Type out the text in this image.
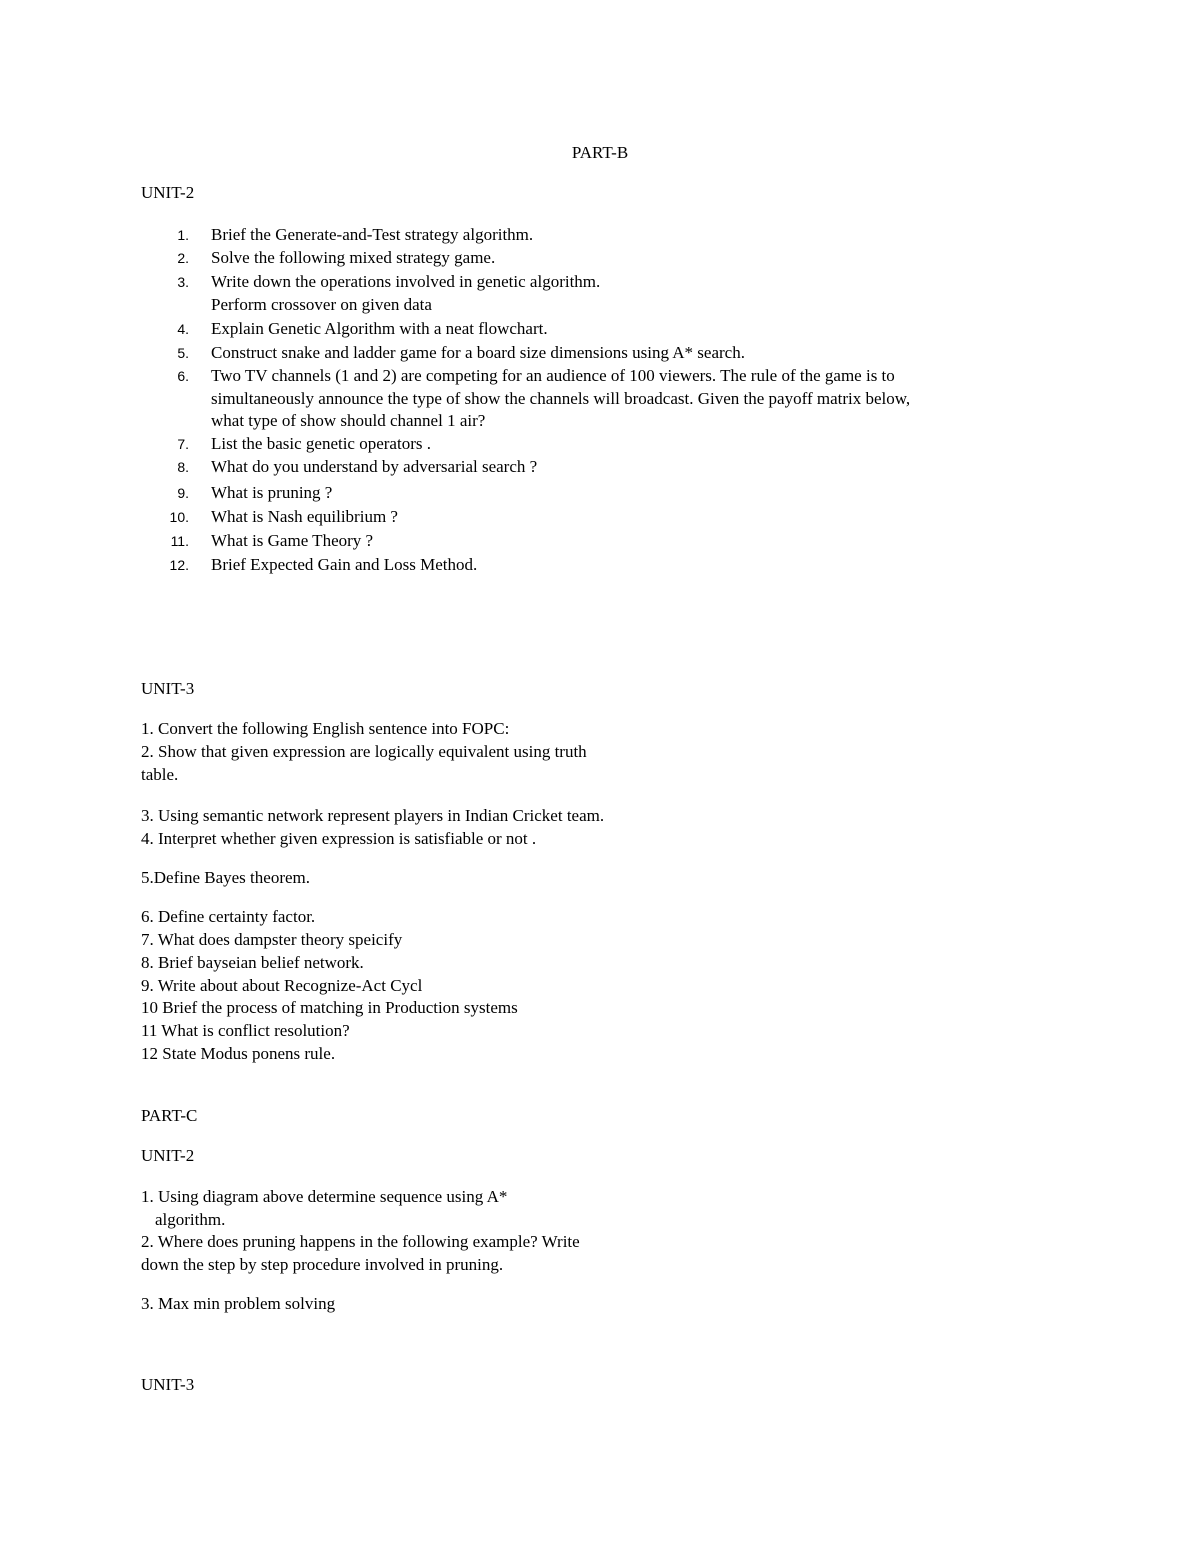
PART-B
UNIT-2
1. Brief the Generate-and-Test strategy algorithm.
2. Solve the following mixed strategy game.
3. Write down the operations involved in genetic algorithm.
Perform crossover on given data
4. Explain Genetic Algorithm with a neat flowchart.
5. Construct snake and ladder game for a board size dimensions using A* search.
6. Two TV channels (1 and 2) are competing for an audience of 100 viewers. The rule of the game is to
simultaneously announce the type of show the channels will broadcast. Given the payoff matrix below,
what type of show should channel 1 air?
7. List the basic genetic operators .
8. What do you understand by adversarial search ?
9. What is pruning ?
10. What is Nash equilibrium ?
11. What is Game Theory ?
12. Brief Expected Gain and Loss Method.
UNIT-3
1. Convert the following English sentence into FOPC:
2. Show that given expression are logically equivalent using truth
table.
3. Using semantic network represent players in Indian Cricket team.
4. Interpret whether given expression is satisfiable or not .
5.Define Bayes theorem.
6. Define certainty factor.
7. What does dampster theory speicify
8. Brief bayseian belief network.
9. Write about about Recognize-Act Cycl
10 Brief the process of matching in Production systems
11 What is conflict resolution?
12 State Modus ponens rule.
PART-C
UNIT-2
1. Using diagram above determine sequence using A*
algorithm.
2. Where does pruning happens in the following example? Write
down the step by step procedure involved in pruning.
3. Max min problem solving
UNIT-3
